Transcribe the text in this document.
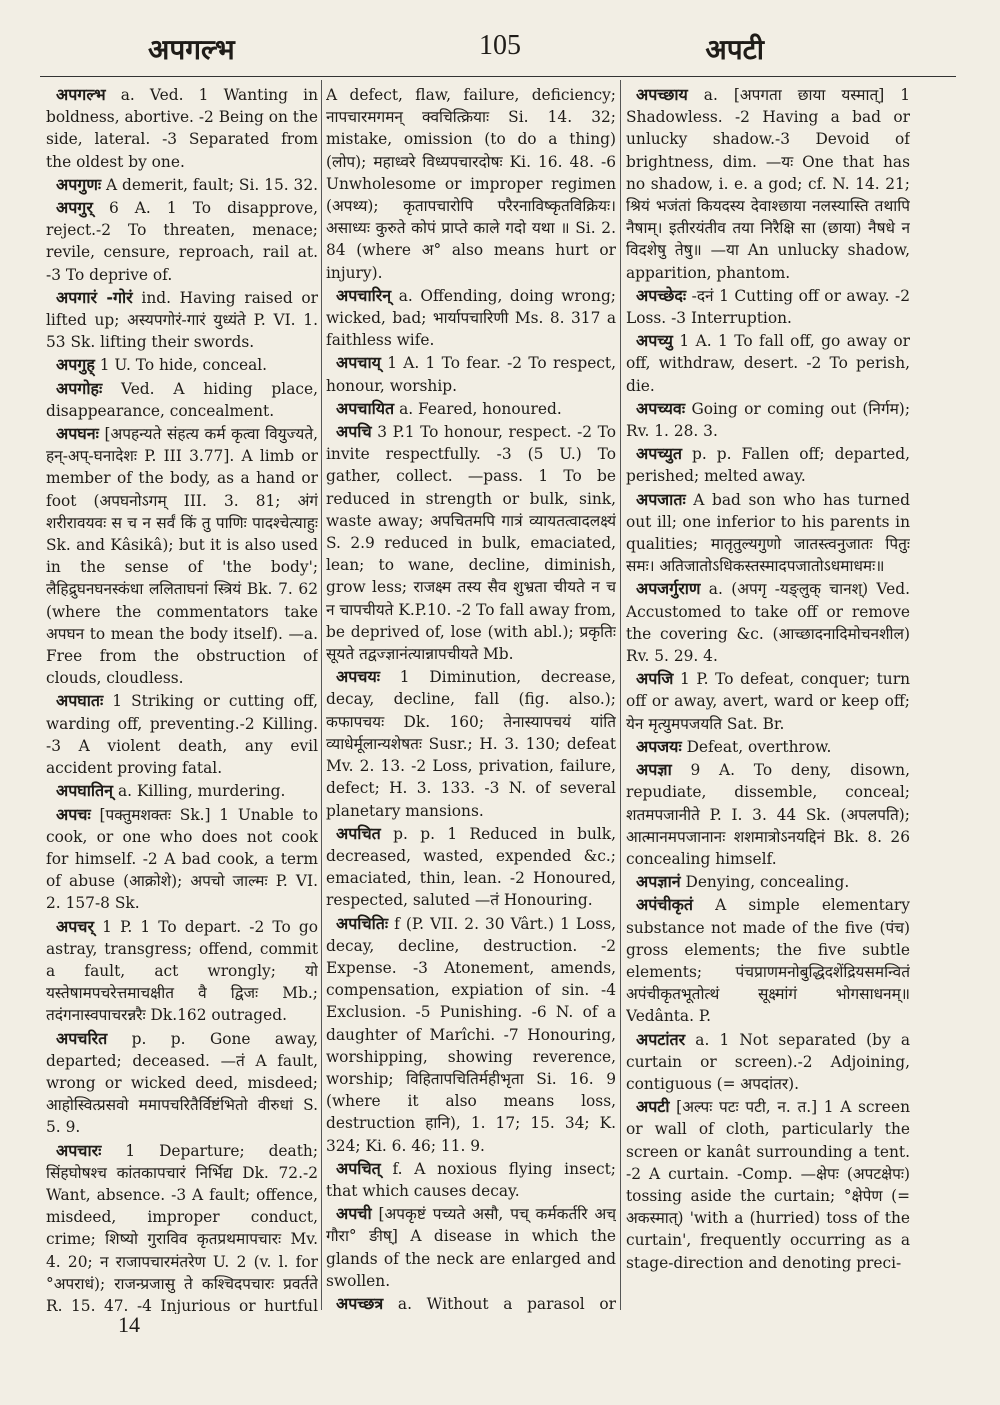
अपगल्भ	105	अपटी
अपगल्भ a. Ved. 1 Wanting in boldness, abortive. -2 Being on the side, lateral. -3 Separated from the oldest by one.
अपगुणः A demerit, fault; Si. 15. 32.
अपगुर् 6 A. 1 To disapprove, reject.-2 To threaten, menace; revile, censure, reproach, rail at. -3 To deprive of.
अपगारं -गोरं ind. Having raised or lifted up; अस्यपगोरं-गारं युध्यंते P. VI. 1. 53 Sk. lifting their swords.
अपगुह् 1 U. To hide, conceal.
अपगोहः Ved. A hiding place, disappearance, concealment.
अपघनः [अपहन्यते संहत्य कर्म कृत्वा वियुज्यते, हन्-अप्-घनादेशः P. III 3.77]. A limb or member of the body, as a hand or foot (अपघनोऽगम् III. 3. 81; अंगं शरीरावयवः स च न सर्वं किं तु पाणिः पादश्चेत्याहुः Sk. and Kâsikâ); but it is also used in the sense of 'the body'; लैहिद्रुघनघनस्कंधा ललिताघनां स्त्रियं Bk. 7. 62 (where the commentators take अपघन to mean the body itself). —a. Free from the obstruction of clouds, cloudless.
अपघातः 1 Striking or cutting off, warding off, preventing.-2 Killing. -3 A violent death, any evil accident proving fatal.
अपघातिन् a. Killing, murdering.
अपचः [पक्तुमशक्तः Sk.] 1 Unable to cook, or one who does not cook for himself. -2 A bad cook, a term of abuse (आक्रोशे); अपचो जाल्मः P. VI. 2. 157-8 Sk.
अपचर् 1 P. 1 To depart. -2 To go astray, transgress; offend, commit a fault, act wrongly; यो यस्तेषामपचरेत्तमाचक्षीत वै द्विजः Mb.; तदंगनास्वपाचरन्नरैः Dk.162 outraged.
अपचरित p. p. Gone away, departed; deceased. —तं A fault, wrong or wicked deed, misdeed; आहोस्वित्प्रसवो ममापचरितैर्विष्टंभितो वीरुधां S. 5. 9.
अपचारः 1 Departure; death; सिंहघोषश्च कांतकापचारं निर्भिद्य Dk. 72.-2 Want, absence. -3 A fault; offence, misdeed, improper conduct, crime; शिष्यो गुराविव कृतप्रथमापचारः Mv. 4. 20; न राजापचारमंतरेण U. 2 (v. l. for °अपराधं); राजन्प्रजासु ते कश्चिदपचारः प्रवर्तते R. 15. 47. -4 Injurious or hurtful
A defect, flaw, failure, deficiency; नापचारमगमन् क्वचित्क्रियाः Si. 14. 32; mistake, omission (to do a thing) (लोप); महाध्वरे विध्यपचारदोषः Ki. 16. 48. -6 Unwholesome or improper regimen (अपथ्य); कृतापचारोपि परैरनाविष्कृतविक्रियः। असाध्यः कुरुते कोपं प्राप्ते काले गदो यथा ॥ Si. 2. 84 (where अ° also means hurt or injury).
अपचारिन् a. Offending, doing wrong; wicked, bad; भार्यापचारिणी Ms. 8. 317 a faithless wife.
अपचाय् 1 A. 1 To fear. -2 To respect, honour, worship.
अपचायित a. Feared, honoured.
अपचि 3 P.1 To honour, respect. -2 To invite respectfully. -3 (5 U.) To gather, collect. —pass. 1 To be reduced in strength or bulk, sink, waste away; अपचितमपि गात्रं व्यायतत्वादलक्ष्यं S. 2.9 reduced in bulk, emaciated, lean; to wane, decline, diminish, grow less; राजक्ष्म तस्य सैव शुभ्रता चीयते न च न चापचीयते K.P.10. -2 To fall away from, be deprived of, lose (with abl.); प्रकृतिः सूयते तद्वज्ज्ञानंत्यान्नापचीयते Mb.
अपचयः 1 Diminution, decrease, decay, decline, fall (fig. also.); कफापचयः Dk. 160; तेनास्यापचयं यांति व्याधेर्मूलान्यशेषतः Susr.; H. 3. 130; defeat Mv. 2. 13. -2 Loss, privation, failure, defect; H. 3. 133. -3 N. of several planetary mansions.
अपचित p. p. 1 Reduced in bulk, decreased, wasted, expended &c.; emaciated, thin, lean. -2 Honoured, respected, saluted —तं Honouring.
अपचितिः f (P. VII. 2. 30 Vârt.) 1 Loss, decay, decline, destruction. -2 Expense. -3 Atonement, amends, compensation, expiation of sin. -4 Exclusion. -5 Punishing. -6 N. of a daughter of Marîchi. -7 Honouring, worshipping, showing reverence, worship; विहितापचितिर्महीभृता Si. 16. 9 (where it also means loss, destruction हानि), 1. 17; 15. 34; K. 324; Ki. 6. 46; 11. 9.
अपचित् f. A noxious flying insect; that which causes decay.
अपची [अपकृष्टं पच्यते असौ, पच् कर्मकर्तरि अच् गौरा° ङीष्] A disease in which the glands of the neck are enlarged and swollen.
अपच्छत्र a. Without a parasol or
अपच्छाय a. [अपगता छाया यस्मात्] 1 Shadowless. -2 Having a bad or unlucky shadow.-3 Devoid of brightness, dim. —यः One that has no shadow, i. e. a god; cf. N. 14. 21; श्रियं भजंतां कियदस्य देवाश्छाया नलस्यास्ति तथापि नैषाम्। इतीरयंतीव तया निरैक्षि सा (छाया) नैषधे न विदशेषु तेषु॥ —या An unlucky shadow, apparition, phantom.
अपच्छेदः -दनं 1 Cutting off or away. -2 Loss. -3 Interruption.
अपच्यु 1 A. 1 To fall off, go away or off, withdraw, desert. -2 To perish, die.
अपच्यवः Going or coming out (निर्गम); Rv. 1. 28. 3.
अपच्युत p. p. Fallen off; departed, perished; melted away.
अपजातः A bad son who has turned out ill; one inferior to his parents in qualities; मातृतुल्यगुणो जातस्त्वनुजातः पितुः समः। अतिजातोऽधिकस्तस्मादपजातोऽधमाधमः॥
अपजर्गुराण a. (अपगृ -यङ्लुक् चानश्) Ved. Accustomed to take off or remove the covering &c. (आच्छादनादिमोचनशील) Rv. 5. 29. 4.
अपजि 1 P. To defeat, conquer; turn off or away, avert, ward or keep off; येन मृत्युमपजयति Sat. Br.
अपजयः Defeat, overthrow.
अपज्ञा 9 A. To deny, disown, repudiate, dissemble, conceal; शतमपजानीते P. I. 3. 44 Sk. (अपलपति); आत्मानमपजानानः शशमात्रोऽनयद्दिनं Bk. 8. 26 concealing himself.
अपज्ञानं Denying, concealing.
अपंचीकृतं A simple elementary substance not made of the five (पंच) gross elements; the five subtle elements; पंचप्राणमनोबुद्धिदशेंद्रियसमन्वितं अपंचीकृतभूतोत्थं सूक्ष्मांगं भोगसाधनम्॥ Vedânta. P.
अपटांतर a. 1 Not separated (by a curtain or screen).-2 Adjoining, contiguous (= अपदांतर).
अपटी [अल्पः पटः पटी, न. त.] 1 A screen or wall of cloth, particularly the screen or kanât surrounding a tent. -2 A curtain. -Comp. —क्षेपः (अपटक्षेपः) tossing aside the curtain; °क्षेपेण (= अकस्मात्) 'with a (hurried) toss of the curtain', frequently occurring as a stage-direction and denoting preci-
14
